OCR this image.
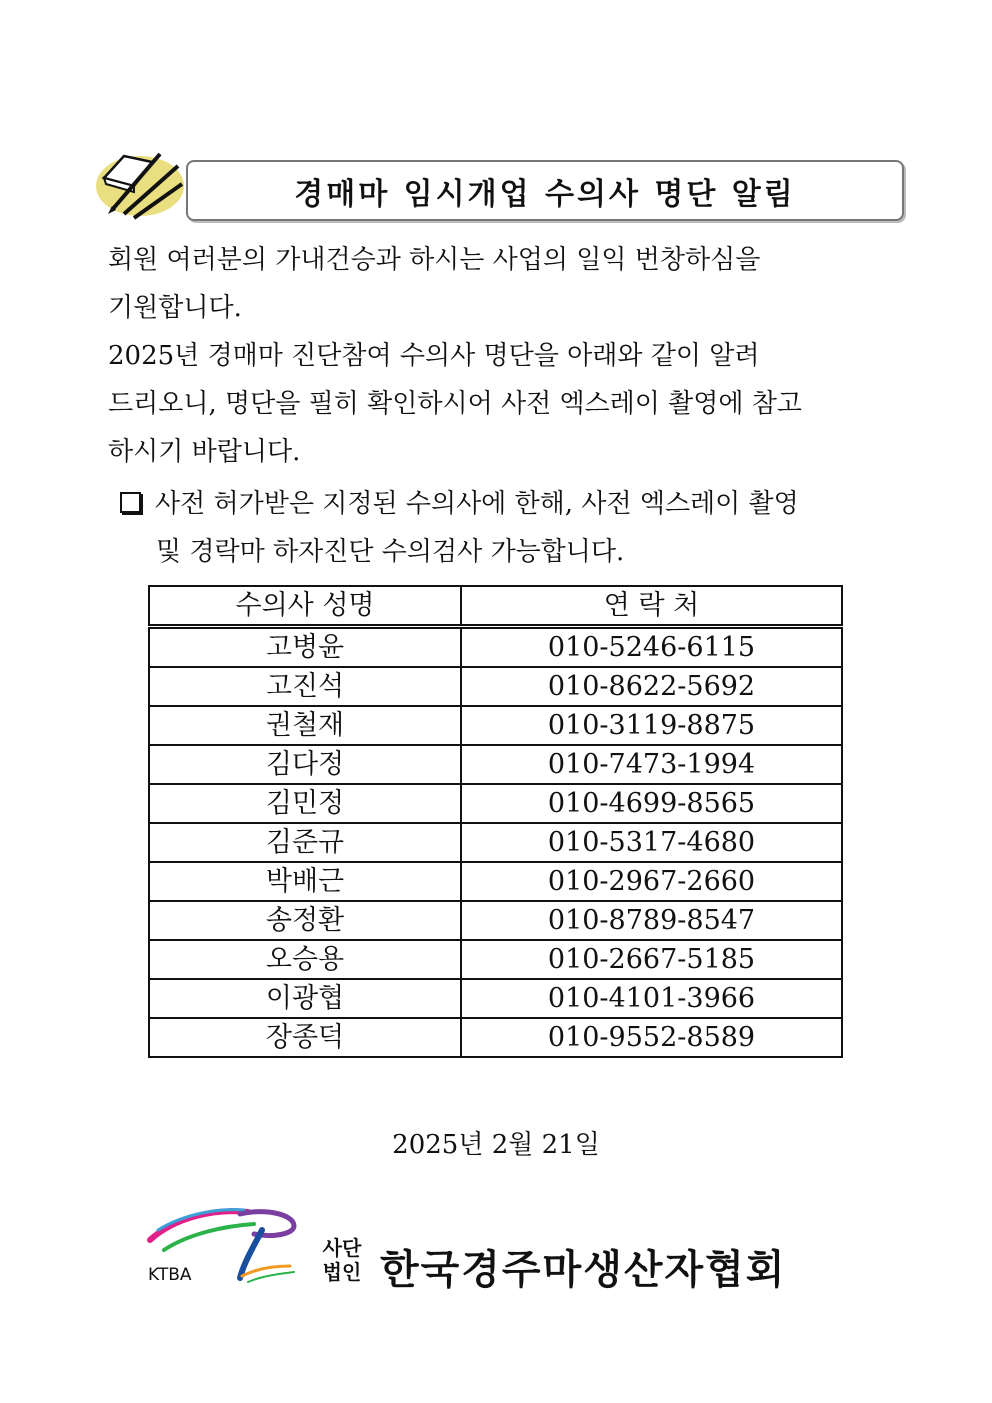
경매마 임시개업 수의사 명단 알림
회원 여러분의 가내건승과 하시는 사업의 일익 번창하심을
기원합니다.
2025년 경매마 진단참여 수의사 명단을 아래와 같이 알려
드리오니, 명단을 필히 확인하시어 사전 엑스레이 촬영에 참고
하시기 바랍니다.
사전 허가받은 지정된 수의사에 한해, 사전 엑스레이 촬영
및 경락마 하자진단 수의검사 가능합니다.
수의사 성명	연 락 처
고병윤	010-5246-6115
고진석	010-8622-5692
권철재	010-3119-8875
김다정	010-7473-1994
김민정	010-4699-8565
김준규	010-5317-4680
박배근	010-2967-2660
송정환	010-8789-8547
오승용	010-2667-5185
이광협	010-4101-3966
장종덕	010-9552-8589
2025년 2월 21일
KTBA
사단
법인 한국경주마생산자협회
